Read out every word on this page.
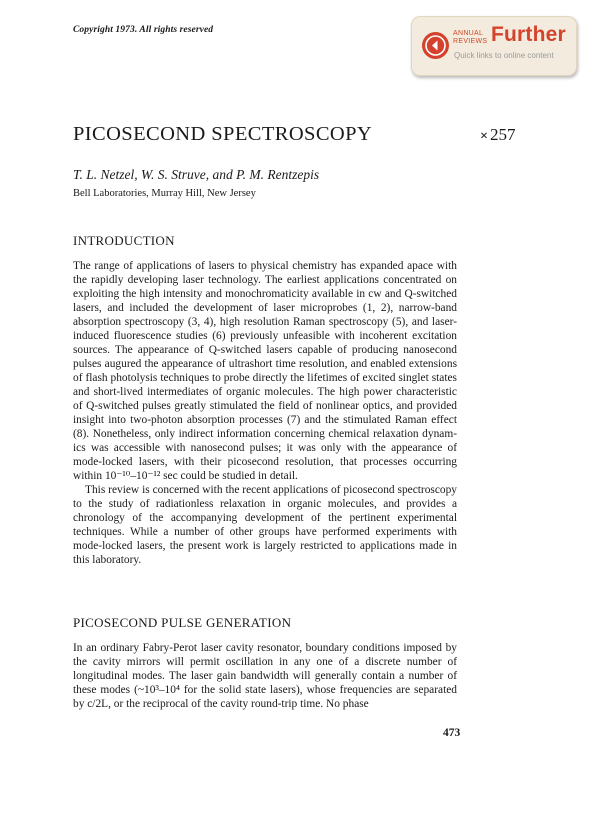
Copyright 1973. All rights reserved	ANNUAL
REVIEWS Further
Quick links to online content
PICOSECOND SPECTROSCOPY	× 257
T. L. Netzel, W. S. Struve, and P. M. Rentzepis
Bell Laboratories, Murray Hill, New Jersey
INTRODUCTION

The range of applications of lasers to physical chemistry has expanded apace with the rapidly developing laser technology. The earliest applications concentrated on exploiting the high intensity and monochromaticity available in cw and Q-switched lasers, and included the development of laser microprobes (1, 2), narrow-band absorption spectroscopy (3, 4), high resolution Raman spectroscopy (5), and laser-induced fluorescence studies (6) previously unfeasible with incoherent excitation sources. The appearance of Q-switched lasers capable of producing nanosecond pulses augured the appearance of ultrashort time resolution, and enabled extensions of flash photolysis techniques to probe directly the lifetimes of excited singlet states and short-lived intermediates of organic molecules. The high power characteristic of Q-switched pulses greatly stimulated the field of nonlinear optics, and provided insight into two-photon absorption processes (7) and the stimulated Raman effect (8). Nonetheless, only indirect information concerning chemical relaxation dynamics was accessible with nanosecond pulses; it was only with the appearance of mode-locked lasers, with their picosecond resolution, that processes occurring within 10⁻¹⁰–10⁻¹² sec could be studied in detail.

This review is concerned with the recent applications of picosecond spectroscopy to the study of radiationless relaxation in organic molecules, and provides a chronology of the accompanying development of the pertinent experimental techniques. While a number of other groups have performed experiments with mode-locked lasers, the present work is largely restricted to applications made in this laboratory.

PICOSECOND PULSE GENERATION

In an ordinary Fabry-Perot laser cavity resonator, boundary conditions imposed by the cavity mirrors will permit oscillation in any one of a discrete number of longitudinal modes. The laser gain bandwidth will generally contain a number of these modes (~10³–10⁴ for the solid state lasers), whose frequencies are separated by c/2L, or the reciprocal of the cavity round-trip time. No phase

473
